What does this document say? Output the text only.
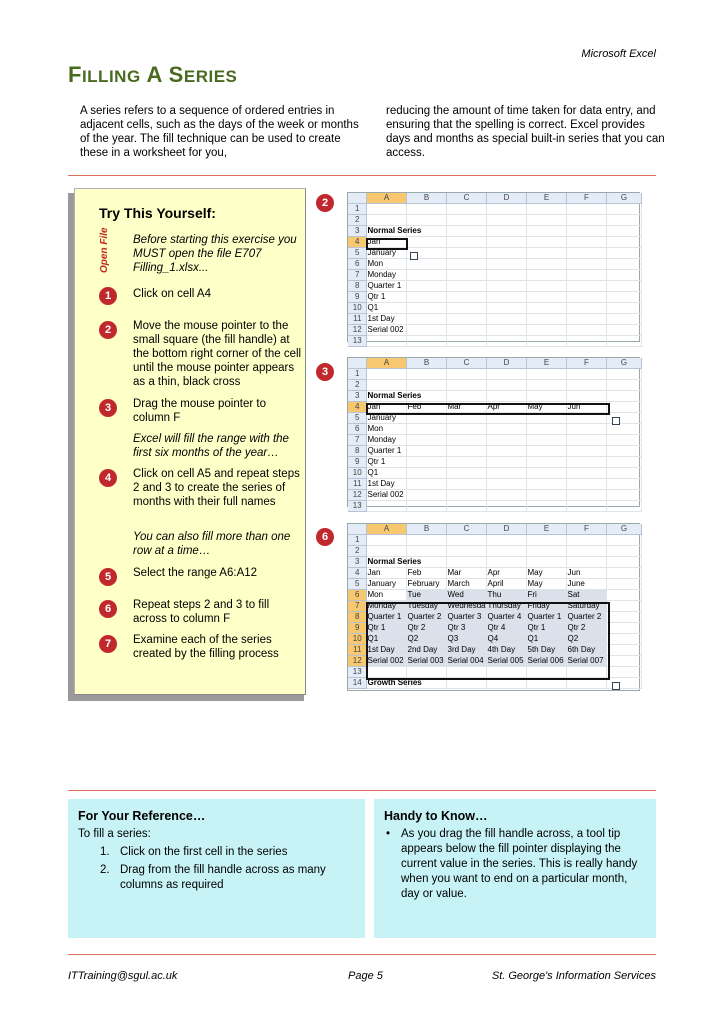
Microsoft Excel
FILLING A SERIES
A series refers to a sequence of ordered entries in adjacent cells, such as the days of the week or months of the year. The fill technique can be used to create these in a worksheet for you,
reducing the amount of time taken for data entry, and ensuring that the spelling is correct. Excel provides days and months as special built-in series that you can access.
Try This Yourself:
Open File Before starting this exercise you MUST open the file E707 Filling_1.xlsx...
1	Click on cell A4
2	Move the mouse pointer to the small square (the fill handle) at the bottom right corner of the cell until the mouse pointer appears as a thin, black cross
3	Drag the mouse pointer to column F
Excel will fill the range with the first six months of the year…
4	Click on cell A5 and repeat steps 2 and 3 to create the series of months with their full names
You can also fill more than one row at a time…
5	Select the range A6:A12
6	Repeat steps 2 and 3 to fill across to column F
7	Examine each of the series created by the filling process
2
		A	B	C	D	E	F	G
1							
2							
3	Normal Series						
4	Jan						
5	January						
6	Mon						
7	Monday						
8	Quarter 1						
9	Qtr 1						
10	Q1						
11	1st Day						
12	Serial 002						
13							
3
	A	B	C	D	E	F	G
1							
2							
3	Normal Series						
4	Jan	Feb	Mar	Apr	May	Jun	
5	January						
6	Mon						
7	Monday						
8	Quarter 1						
9	Qtr 1						
10	Q1						
11	1st Day						
12	Serial 002						
13							
6
	A	B	C	D	E	F	G
1							
2							
3	Normal Series						
4	Jan	Feb	Mar	Apr	May	Jun	
5	January	February	March	April	May	June	
6	Mon	Tue	Wed	Thu	Fri	Sat	
7	Monday	Tuesday	Wednesda	Thursday	Friday	Saturday	
8	Quarter 1	Quarter 2	Quarter 3	Quarter 4	Quarter 1	Quarter 2	
9	Qtr 1	Qtr 2	Qtr 3	Qtr 4	Qtr 1	Qtr 2	
10	Q1	Q2	Q3	Q4	Q1	Q2	
11	1st Day	2nd Day	3rd Day	4th Day	5th Day	6th Day	
12	Serial 002	Serial 003	Serial 004	Serial 005	Serial 006	Serial 007	
13							
14	Growth Series						
For Your Reference…
To fill a series:
1. Click on the first cell in the series
2. Drag from the fill handle across as many columns as required
Handy to Know…
• As you drag the fill handle across, a tool tip appears below the fill pointer displaying the current value in the series. This is really handy when you want to end on a particular month, day or value.
ITTraining@sgul.ac.uk	Page 5	St. George's Information Services
